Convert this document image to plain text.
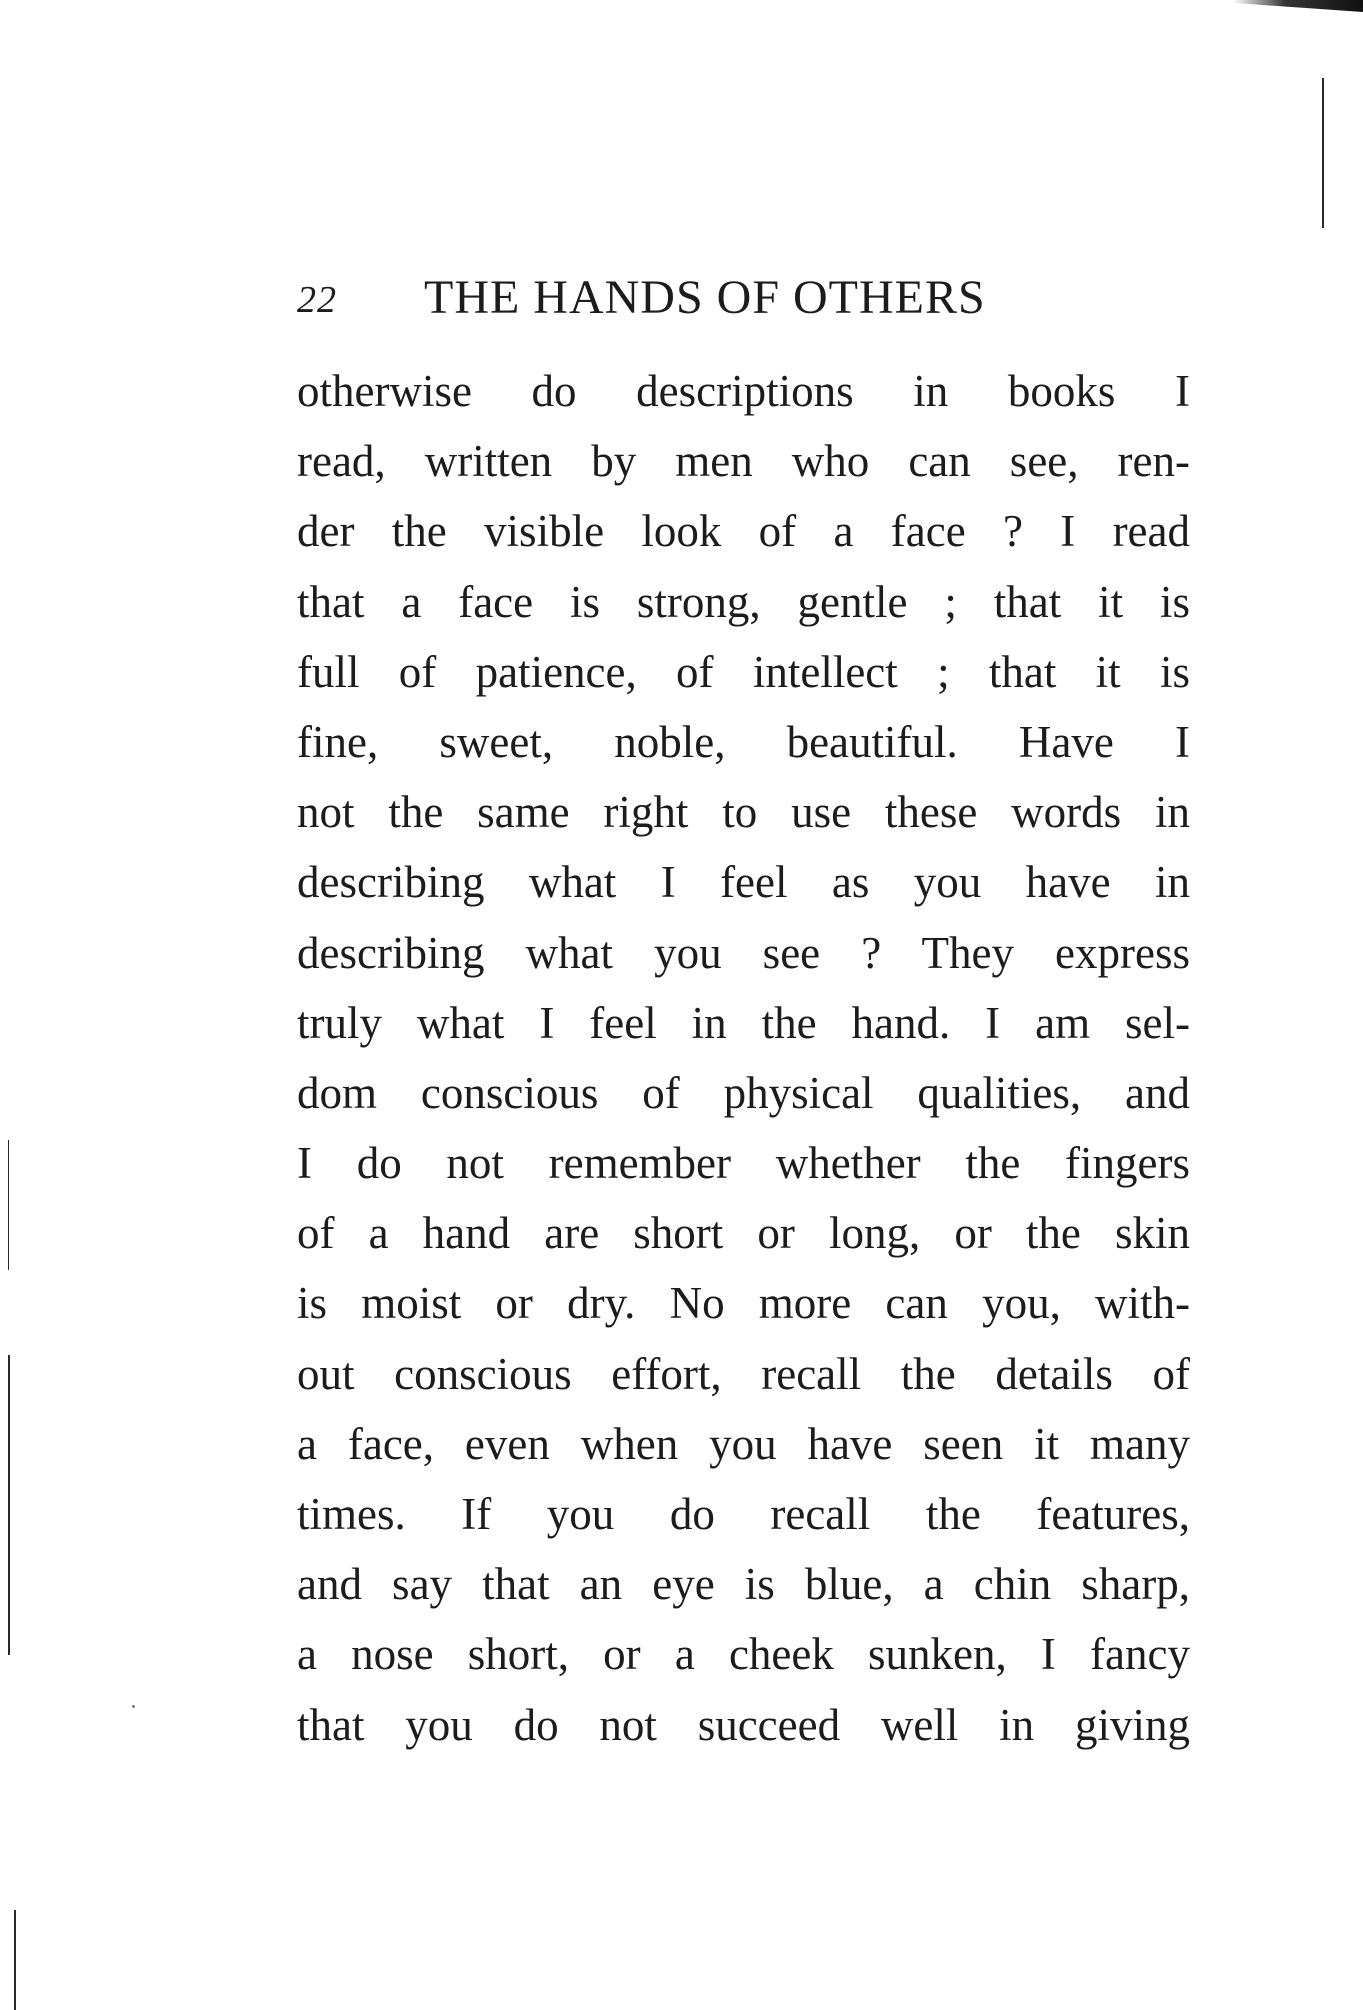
22 THE HANDS OF OTHERS
otherwise do descriptions in books I
read, written by men who can see, ren-
der the visible look of a face ? I read
that a face is strong, gentle ; that it is
full of patience, of intellect ; that it is
fine, sweet, noble, beautiful. Have I
not the same right to use these words in
describing what I feel as you have in
describing what you see ? They express
truly what I feel in the hand. I am sel-
dom conscious of physical qualities, and
I do not remember whether the fingers
of a hand are short or long, or the skin
is moist or dry. No more can you, with-
out conscious effort, recall the details of
a face, even when you have seen it many
times. If you do recall the features,
and say that an eye is blue, a chin sharp,
a nose short, or a cheek sunken, I fancy
that you do not succeed well in giving
